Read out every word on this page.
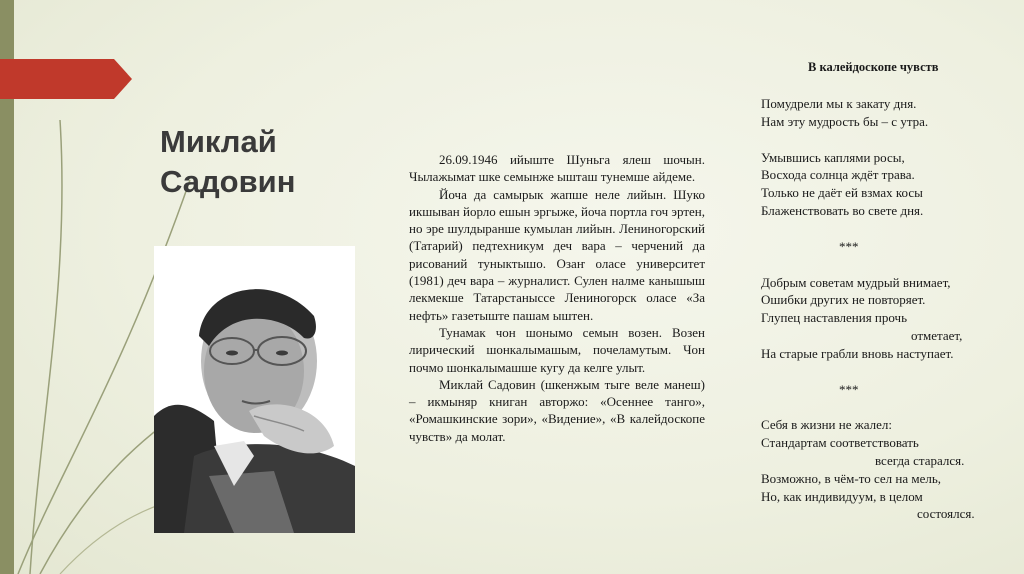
Миклай
Садовин

26.09.1946 ийыште Шуньга ялеш шочын. Чылажымат шке семынже ышташ тунемше айдеме.

Йоча да самырык жапше неле лийын. Шуко икшыван йорло ешын эргыже, йоча портла гоч эртен, но эре шулдыранше кумылан лийын. Лениногорский (Татарий) педтехникум деч вара – черчений да рисований туныктышо. Озаҥ оласе университет (1981) деч вара – журналист. Сулен налме канышыш лекмекше Татарстаныссе Лениногорск оласе «За нефть» газетыште пашам ыштен.

Тунамак чон шонымо семын возен. Возен лирический шонкалымашым, почеламутым. Чон почмо шонкалымашше кугу да келге улыт.

Миклай Садовин (шкенжым тыге веле манеш) – икмыняр книган авторжо: «Осеннее танго», «Ромашкинские зори», «Видение», «В калейдоскопе чувств» да молат.

В калейдоскопе чувств
Помудрели мы к закату дня.
Нам эту мудрость бы – с утра.
Умывшись каплями росы,
Восхода солнца ждёт трава.
Только не даёт ей взмах косы
Блаженствовать во свете дня.
***
Добрым советам мудрый внимает,
Ошибки других не повторяет.
Глупец наставления прочь
отметает,
На старые грабли вновь наступает.
***
Себя в жизни не жалел:
Стандартам соответствовать
всегда старался.
Возможно, в чём-то сел на мель,
Но, как индивидуум, в целом
состоялся.
